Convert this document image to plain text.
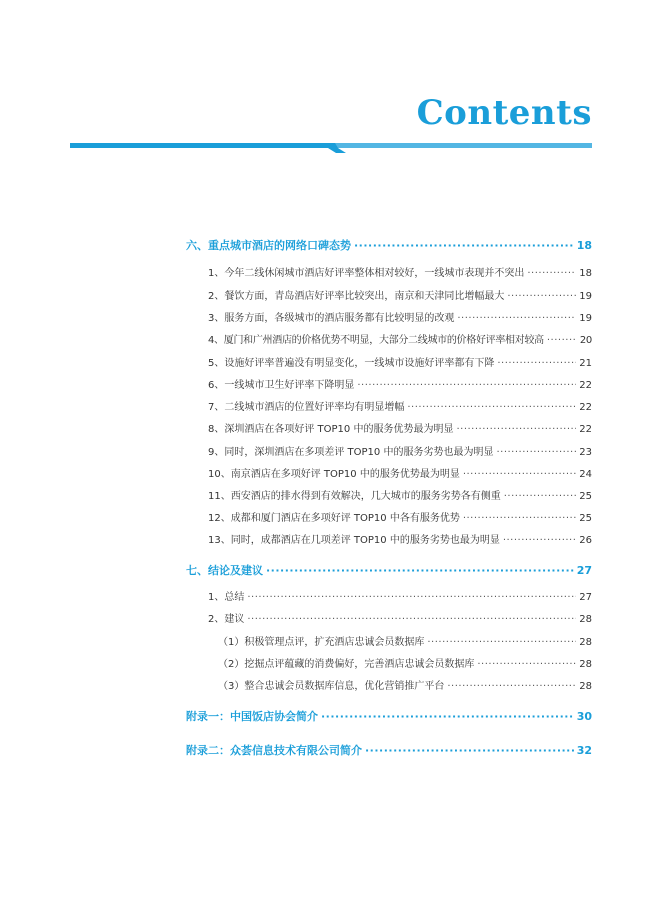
Contents
六、重点城市酒店的网络口碑态势 ·····	18
1、今年二线休闲城市酒店好评率整体相对较好，一线城市表现并不突出 ·····	18
2、餐饮方面，青岛酒店好评率比较突出，南京和天津同比增幅最大 ·····	19
3、服务方面，各级城市的酒店服务都有比较明显的改观 ·····	19
4、厦门和广州酒店的价格优势不明显，大部分二线城市的价格好评率相对较高 ·····	20
5、设施好评率普遍没有明显变化，一线城市设施好评率都有下降 ·····	21
6、一线城市卫生好评率下降明显 ·····	22
7、二线城市酒店的位置好评率均有明显增幅 ·····	22
8、深圳酒店在各项好评 TOP10 中的服务优势最为明显 ·····	22
9、同时，深圳酒店在多项差评 TOP10 中的服务劣势也最为明显 ·····	23
10、南京酒店在多项好评 TOP10 中的服务优势最为明显 ·····	24
11、西安酒店的排水得到有效解决，几大城市的服务劣势各有侧重 ·····	25
12、成都和厦门酒店在多项好评 TOP10 中各有服务优势 ·····	25
13、同时，成都酒店在几项差评 TOP10 中的服务劣势也最为明显 ·····	26
七、结论及建议 ·····	27
1、总结 ·····	27
2、建议 ·····	28
（1）积极管理点评，扩充酒店忠诚会员数据库 ·····	28
（2）挖掘点评蕴藏的消费偏好，完善酒店忠诚会员数据库 ·····	28
（3）整合忠诚会员数据库信息，优化营销推广平台 ·····	28
附录一：中国饭店协会简介 ·····	30
附录二：众荟信息技术有限公司简介 ·····	32
